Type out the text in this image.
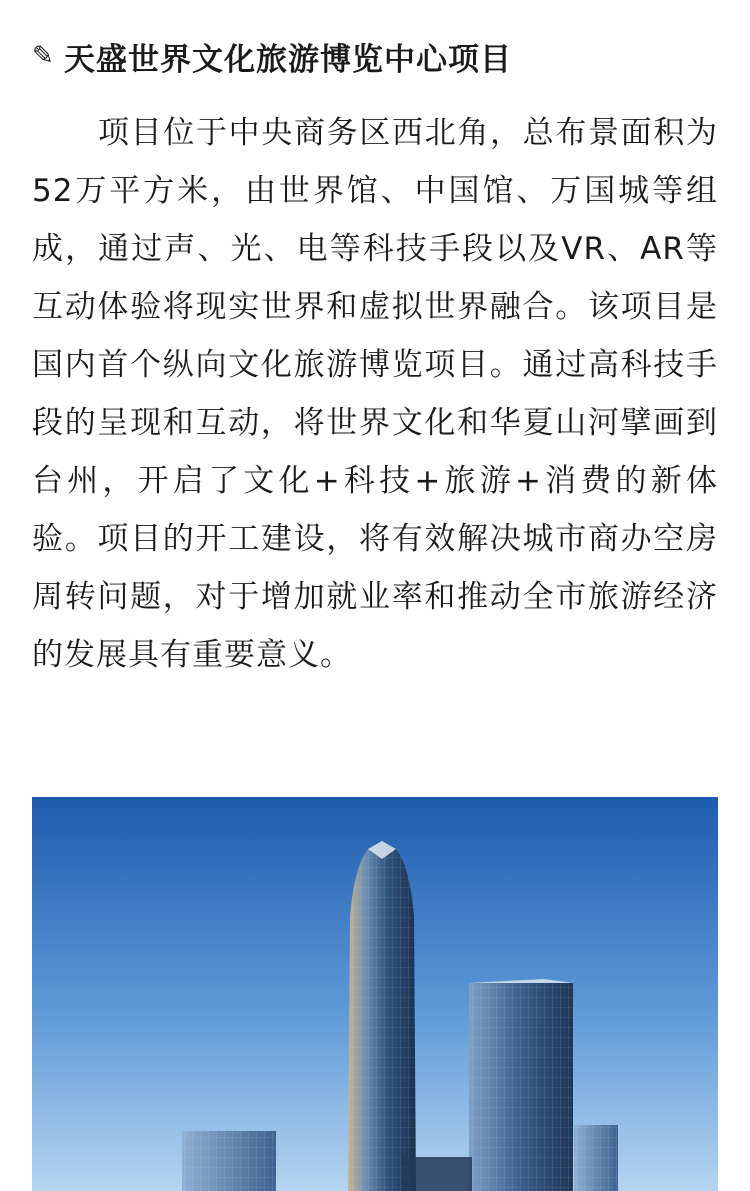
✎ 天盛世界文化旅游博览中心项目

项目位于中央商务区西北角，总布景面积为52万平方米，由世界馆、中国馆、万国城等组成，通过声、光、电等科技手段以及VR、AR等互动体验将现实世界和虚拟世界融合。该项目是国内首个纵向文化旅游博览项目。通过高科技手段的呈现和互动，将世界文化和华夏山河擘画到台州，开启了文化+科技+旅游+消费的新体验。项目的开工建设，将有效解决城市商办空房周转问题，对于增加就业率和推动全市旅游经济的发展具有重要意义。
